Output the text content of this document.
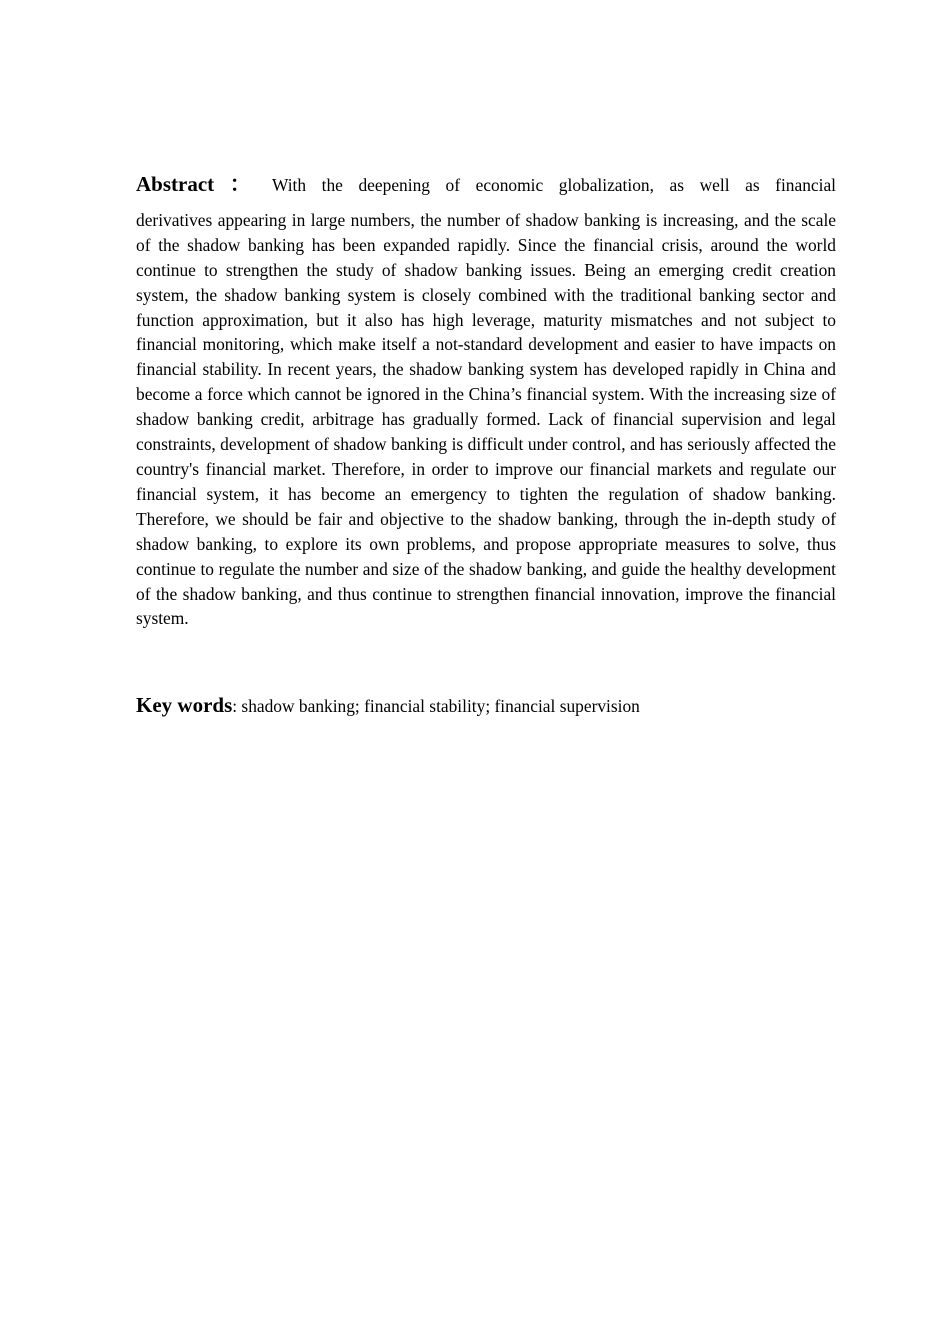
Abstract ： With the deepening of economic globalization, as well as financial
derivatives appearing in large numbers, the number of shadow banking is increasing, and the scale of the shadow banking has been expanded rapidly. Since the financial crisis, around the world continue to strengthen the study of shadow banking issues. Being an emerging credit creation system, the shadow banking system is closely combined with the traditional banking sector and function approximation, but it also has high leverage, maturity mismatches and not subject to financial monitoring, which make itself a not-standard development and easier to have impacts on financial stability. In recent years, the shadow banking system has developed rapidly in China and become a force which cannot be ignored in the China’s financial system. With the increasing size of shadow banking credit, arbitrage has gradually formed. Lack of financial supervision and legal constraints, development of shadow banking is difficult under control, and has seriously affected the country's financial market. Therefore, in order to improve our financial markets and regulate our financial system, it has become an emergency to tighten the regulation of shadow banking. Therefore, we should be fair and objective to the shadow banking, through the in-depth study of shadow banking, to explore its own problems, and propose appropriate measures to solve, thus continue to regulate the number and size of the shadow banking, and guide the healthy development of the shadow banking, and thus continue to strengthen financial innovation, improve the financial system.

Key words: shadow banking; financial stability; financial supervision
